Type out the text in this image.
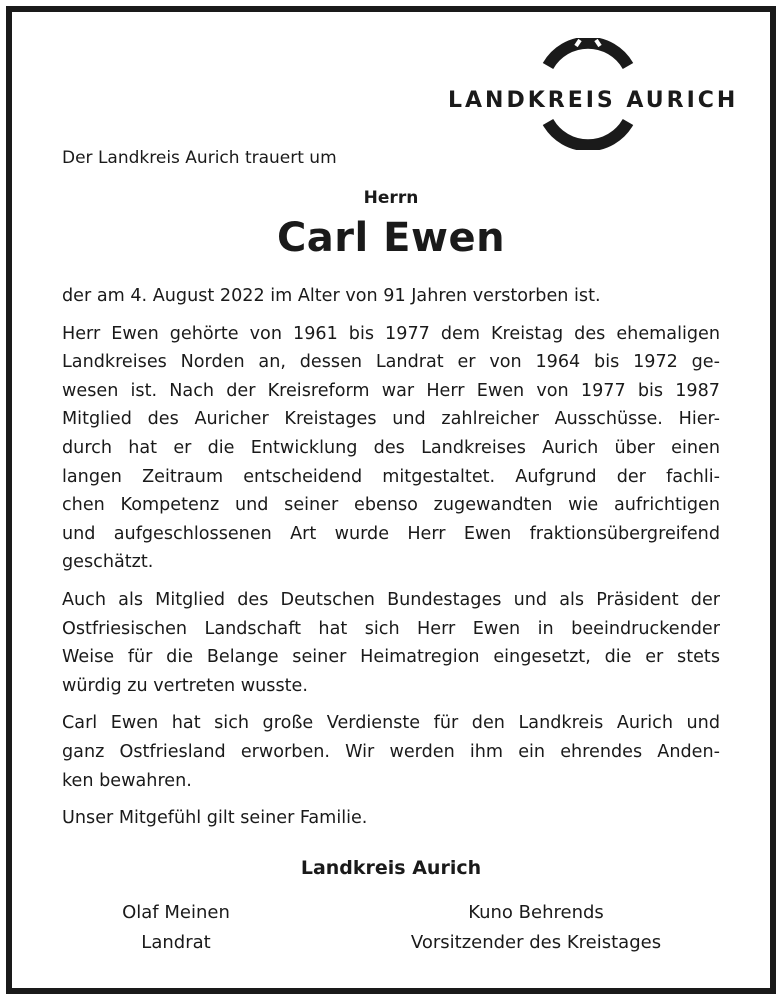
LANDKREIS AURICH
Der Landkreis Aurich trauert um
Herrn
Carl Ewen
der am 4. August 2022 im Alter von 91 Jahren verstorben ist.
Herr Ewen gehörte von 1961 bis 1977 dem Kreistag des ehemaligen
Landkreises Norden an, dessen Landrat er von 1964 bis 1972 ge-
wesen ist. Nach der Kreisreform war Herr Ewen von 1977 bis 1987
Mitglied des Auricher Kreistages und zahlreicher Ausschüsse. Hier-
durch hat er die Entwicklung des Landkreises Aurich über einen
langen Zeitraum entscheidend mitgestaltet. Aufgrund der fachli-
chen Kompetenz und seiner ebenso zugewandten wie aufrichtigen
und aufgeschlossenen Art wurde Herr Ewen fraktionsübergreifend
geschätzt.
Auch als Mitglied des Deutschen Bundestages und als Präsident der
Ostfriesischen Landschaft hat sich Herr Ewen in beeindruckender
Weise für die Belange seiner Heimatregion eingesetzt, die er stets
würdig zu vertreten wusste.
Carl Ewen hat sich große Verdienste für den Landkreis Aurich und
ganz Ostfriesland erworben. Wir werden ihm ein ehrendes Anden-
ken bewahren.
Unser Mitgefühl gilt seiner Familie.
Landkreis Aurich
Olaf Meinen
Landrat
Kuno Behrends
Vorsitzender des Kreistages
